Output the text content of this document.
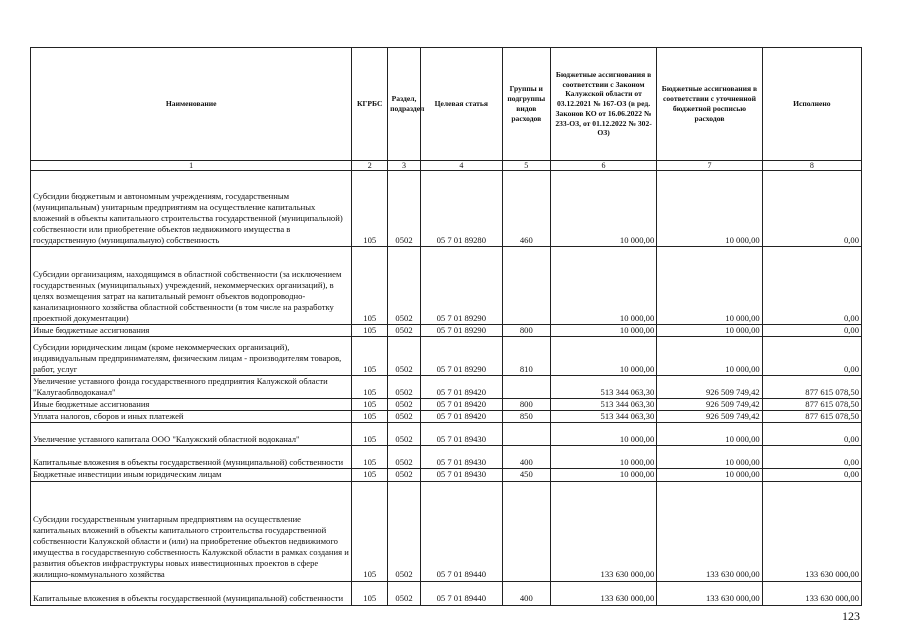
Наименование	КГРБС	Раздел, подраздел	Целевая статья	Группы и подгруппы видов расходов	Бюджетные ассигнования в соответствии с Законом Калужской области от 03.12.2021 № 167-ОЗ (в ред. Законов КО от 16.06.2022 № 233-ОЗ, от 01.12.2022 № 302-ОЗ)	Бюджетные ассигнования в соответствии с уточненной бюджетной росписью расходов	Исполнено
1	2	3	4	5	6	7	8
Субсидии бюджетным и автономным учреждениям, государственным (муниципальным) унитарным предприятиям на осуществление капитальных вложений в объекты капитального строительства государственной (муниципальной) собственности или приобретение объектов недвижимого имущества в государственную (муниципальную) собственность	105	0502	05 7 01 89280	460	10 000,00	10 000,00	0,00
Субсидии организациям, находящимся в областной собственности (за исключением государственных (муниципальных) учреждений, некоммерческих организаций), в целях возмещения затрат на капитальный ремонт объектов водопроводно-канализационного хозяйства областной собственности (в том числе на разработку проектной документации)	105	0502	05 7 01 89290		10 000,00	10 000,00	0,00
Иные бюджетные ассигнования	105	0502	05 7 01 89290	800	10 000,00	10 000,00	0,00
Субсидии юридическим лицам (кроме некоммерческих организаций), индивидуальным предпринимателям, физическим лицам - производителям товаров, работ, услуг	105	0502	05 7 01 89290	810	10 000,00	10 000,00	0,00
Увеличение уставного фонда государственного предприятия Калужской области "Калугаоблводоканал"	105	0502	05 7 01 89420		513 344 063,30	926 509 749,42	877 615 078,50
Иные бюджетные ассигнования	105	0502	05 7 01 89420	800	513 344 063,30	926 509 749,42	877 615 078,50
Уплата налогов, сборов и иных платежей	105	0502	05 7 01 89420	850	513 344 063,30	926 509 749,42	877 615 078,50
Увеличение уставного капитала ООО "Калужский областной водоканал"	105	0502	05 7 01 89430		10 000,00	10 000,00	0,00
Капитальные вложения в объекты государственной (муниципальной) собственности	105	0502	05 7 01 89430	400	10 000,00	10 000,00	0,00
Бюджетные инвестиции иным юридическим лицам	105	0502	05 7 01 89430	450	10 000,00	10 000,00	0,00
Субсидии государственным унитарным предприятиям на осуществление капитальных вложений в объекты капитального строительства государственной собственности Калужской области и (или) на приобретение объектов недвижимого имущества в государственную собственность Калужской области в рамках создания и развития объектов инфраструктуры новых инвестиционных проектов в сфере жилищно-коммунального хозяйства	105	0502	05 7 01 89440		133 630 000,00	133 630 000,00	133 630 000,00
Капитальные вложения в объекты государственной (муниципальной) собственности	105	0502	05 7 01 89440	400	133 630 000,00	133 630 000,00	133 630 000,00
123
